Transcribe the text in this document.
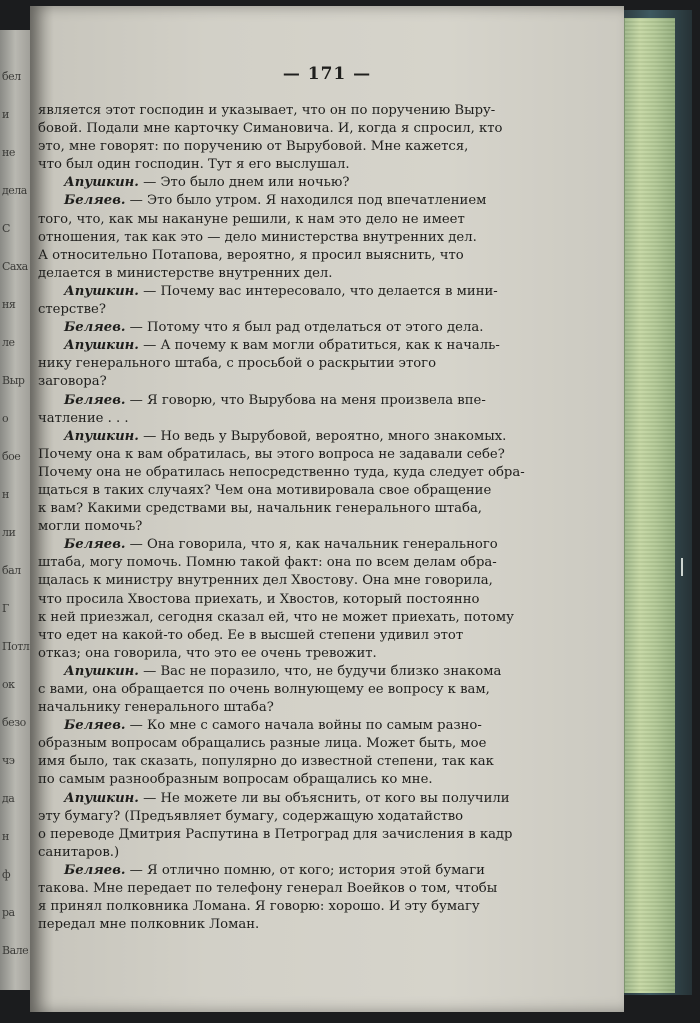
бел
и
не
дела
С
Саха
ня
ле
Выр
о
бое
н
ли
бал
Г
Потл
ок
безо
чэ
да
н
ф
ра
Вале
— 171 —
является этот господин и указывает, что он по поручению Выру-
бовой. Подали мне карточку Симановича. И, когда я спросил, кто
это, мне говорят: по поручению от Вырубовой. Мне кажется,
что был один господин. Тут я его выслушал.
Апушкин. — Это было днем или ночью?
Беляев. — Это было утром. Я находился под впечатлением
того, что, как мы накануне решили, к нам это дело не имеет
отношения, так как это — дело министерства внутренних дел.
А относительно Потапова, вероятно, я просил выяснить, что
делается в министерстве внутренних дел.
Апушкин. — Почему вас интересовало, что делается в мини-
стерстве?
Беляев. — Потому что я был рад отделаться от этого дела.
Апушкин. — А почему к вам могли обратиться, как к началь-
нику генерального штаба, с просьбой о раскрытии этого
заговора?
Беляев. — Я говорю, что Вырубова на меня произвела впе-
чатление . . .
Апушкин. — Но ведь у Вырубовой, вероятно, много знакомых.
Почему она к вам обратилась, вы этого вопроса не задавали себе?
Почему она не обратилась непосредственно туда, куда следует обра-
щаться в таких случаях? Чем она мотивировала свое обращение
к вам? Какими средствами вы, начальник генерального штаба,
могли помочь?
Беляев. — Она говорила, что я, как начальник генерального
штаба, могу помочь. Помню такой факт: она по всем делам обра-
щалась к министру внутренних дел Хвостову. Она мне говорила,
что просила Хвостова приехать, и Хвостов, который постоянно
к ней приезжал, сегодня сказал ей, что не может приехать, потому
что едет на какой-то обед. Ее в высшей степени удивил этот
отказ; она говорила, что это ее очень тревожит.
Апушкин. — Вас не поразило, что, не будучи близко знакома
с вами, она обращается по очень волнующему ее вопросу к вам,
начальнику генерального штаба?
Беляев. — Ко мне с самого начала войны по самым разно-
образным вопросам обращались разные лица. Может быть, мое
имя было, так сказать, популярно до известной степени, так как
по самым разнообразным вопросам обращались ко мне.
Апушкин. — Не можете ли вы объяснить, от кого вы получили
эту бумагу? (Предъявляет бумагу, содержащую ходатайство
о переводе Дмитрия Распутина в Петроград для зачисления в кадр
санитаров.)
Беляев. — Я отлично помню, от кого; история этой бумаги
такова. Мне передает по телефону генерал Воейков о том, чтобы
я принял полковника Ломана. Я говорю: хорошо. И эту бумагу
передал мне полковник Ломан.
